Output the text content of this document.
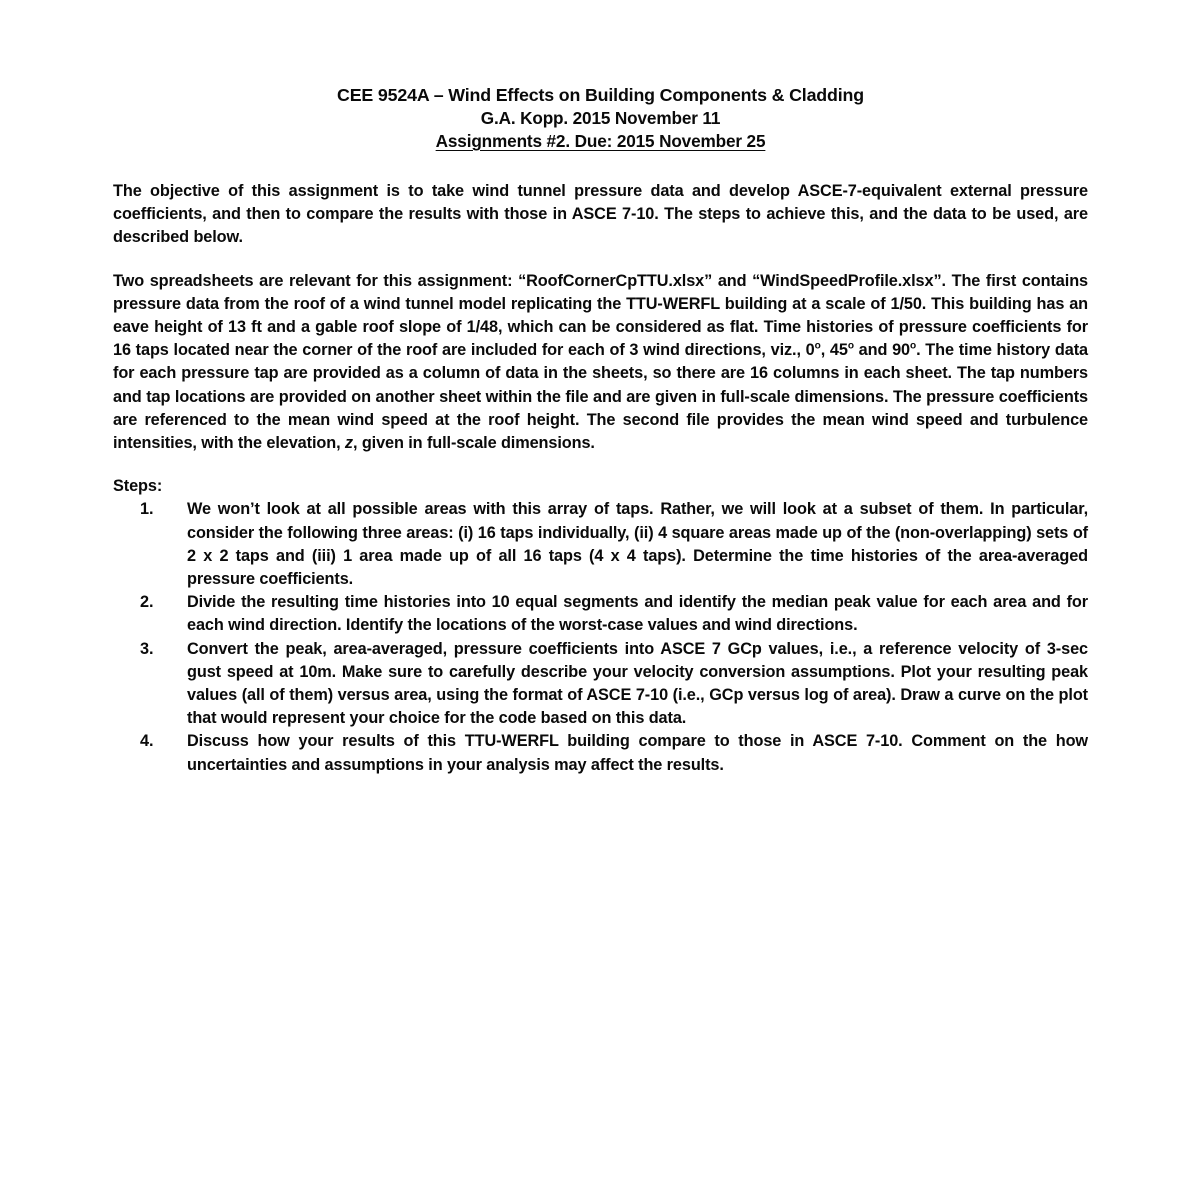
CEE 9524A – Wind Effects on Building Components & Cladding
G.A. Kopp. 2015 November 11
Assignments #2. Due: 2015 November 25

The objective of this assignment is to take wind tunnel pressure data and develop ASCE-7-equivalent external pressure coefficients, and then to compare the results with those in ASCE 7-10. The steps to achieve this, and the data to be used, are described below.

Two spreadsheets are relevant for this assignment: “RoofCornerCpTTU.xlsx” and “WindSpeedProfile.xlsx”. The first contains pressure data from the roof of a wind tunnel model replicating the TTU-WERFL building at a scale of 1/50. This building has an eave height of 13 ft and a gable roof slope of 1/48, which can be considered as flat. Time histories of pressure coefficients for 16 taps located near the corner of the roof are included for each of 3 wind directions, viz., 0$^o$, 45$^o$ and 90$^o$. The time history data for each pressure tap are provided as a column of data in the sheets, so there are 16 columns in each sheet. The tap numbers and tap locations are provided on another sheet within the file and are given in full-scale dimensions. The pressure coefficients are referenced to the mean wind speed at the roof height. The second file provides the mean wind speed and turbulence intensities, with the elevation, z, given in full-scale dimensions.

Steps:
1.	We won’t look at all possible areas with this array of taps. Rather, we will look at a subset of them. In particular, consider the following three areas: (i) 16 taps individually, (ii) 4 square areas made up of the (non-overlapping) sets of 2 x 2 taps and (iii) 1 area made up of all 16 taps (4 x 4 taps). Determine the time histories of the area-averaged pressure coefficients.
2.	Divide the resulting time histories into 10 equal segments and identify the median peak value for each area and for each wind direction. Identify the locations of the worst-case values and wind directions.
3.	Convert the peak, area-averaged, pressure coefficients into ASCE 7 GCp values, i.e., a reference velocity of 3-sec gust speed at 10m. Make sure to carefully describe your velocity conversion assumptions. Plot your resulting peak values (all of them) versus area, using the format of ASCE 7-10 (i.e., GCp versus log of area). Draw a curve on the plot that would represent your choice for the code based on this data.
4.	Discuss how your results of this TTU-WERFL building compare to those in ASCE 7-10. Comment on the how uncertainties and assumptions in your analysis may affect the results.
